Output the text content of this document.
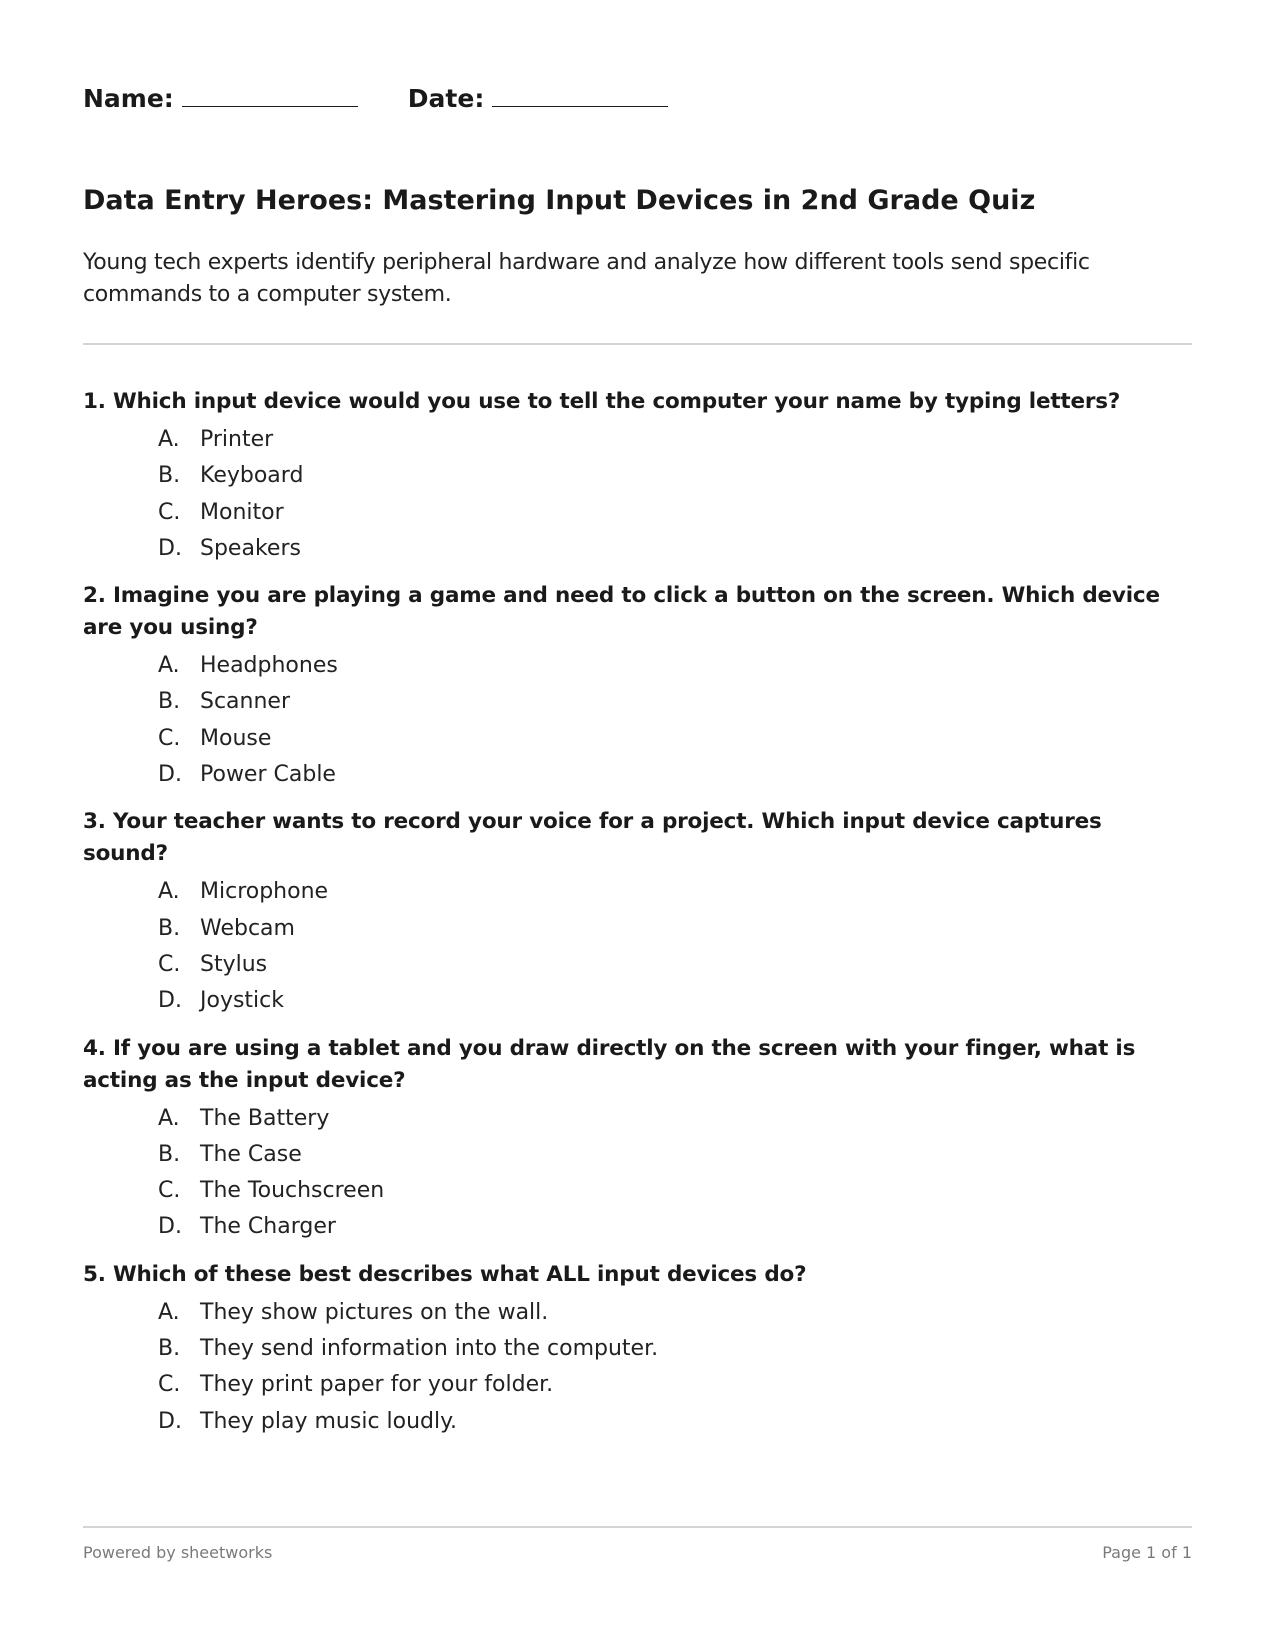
Name:	Date:
Data Entry Heroes: Mastering Input Devices in 2nd Grade Quiz

Young tech experts identify peripheral hardware and analyze how different tools send specific commands to a computer system.

1. Which input device would you use to tell the computer your name by typing letters?

A. Printer
B. Keyboard
C. Monitor
D. Speakers

2. Imagine you are playing a game and need to click a button on the screen. Which device are you using?

A. Headphones
B. Scanner
C. Mouse
D. Power Cable

3. Your teacher wants to record your voice for a project. Which input device captures sound?

A. Microphone
B. Webcam
C. Stylus
D. Joystick

4. If you are using a tablet and you draw directly on the screen with your finger, what is acting as the input device?

A. The Battery
B. The Case
C. The Touchscreen
D. The Charger

5. Which of these best describes what ALL input devices do?

A. They show pictures on the wall.
B. They send information into the computer.
C. They print paper for your folder.
D. They play music loudly.
Powered by sheetworks	Page 1 of 1
